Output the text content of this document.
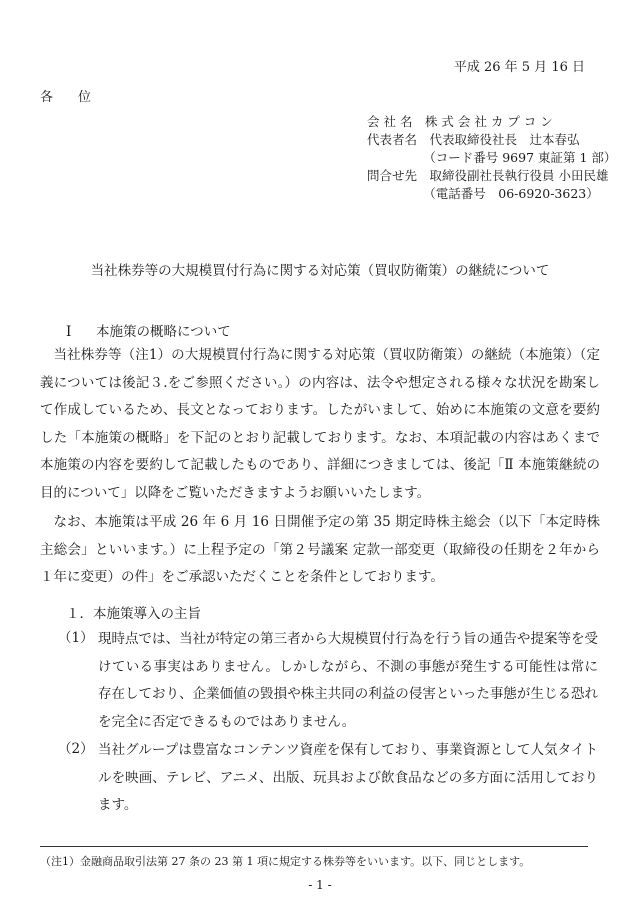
平成 26 年 5 月 16 日
各　位
会 社 名　株 式 会 社 カ プ コ ン
代表者名　代表取締役社長　辻本春弘
　　　　　（コード番号 9697 東証第 1 部）
問合せ先　取締役副社長執行役員 小田民雄
　　　　　（電話番号　06-6920-3623）
当社株券等の大規模買付行為に関する対応策（買収防衛策）の継続について
Ⅰ 本施策の概略について
当社株券等（注1）の大規模買付行為に関する対応策（買収防衛策）の継続（本施策）（定義については後記３.をご参照ください。）の内容は、法令や想定される様々な状況を勘案して作成しているため、長文となっております。したがいまして、始めに本施策の文意を要約した「本施策の概略」を下記のとおり記載しております。なお、本項記載の内容はあくまで本施策の内容を要約して記載したものであり、詳細につきましては、後記「Ⅱ 本施策継続の目的について」以降をご覧いただきますようお願いいたします。
なお、本施策は平成 26 年 6 月 16 日開催予定の第 35 期定時株主総会（以下「本定時株主総会」といいます。）に上程予定の「第２号議案 定款一部変更（取締役の任期を２年から１年に変更）の件」をご承認いただくことを条件としております。
１．本施策導入の主旨
（1） 現時点では、当社が特定の第三者から大規模買付行為を行う旨の通告や提案等を受けている事実はありません。しかしながら、不測の事態が発生する可能性は常に存在しており、企業価値の毀損や株主共同の利益の侵害といった事態が生じる恐れを完全に否定できるものではありません。
（2） 当社グループは豊富なコンテンツ資産を保有しており、事業資源として人気タイトルを映画、テレビ、アニメ、出版、玩具および飲食品などの多方面に活用しております。
（注1）金融商品取引法第 27 条の 23 第 1 項に規定する株券等をいいます。以下、同じとします。
- 1 -
